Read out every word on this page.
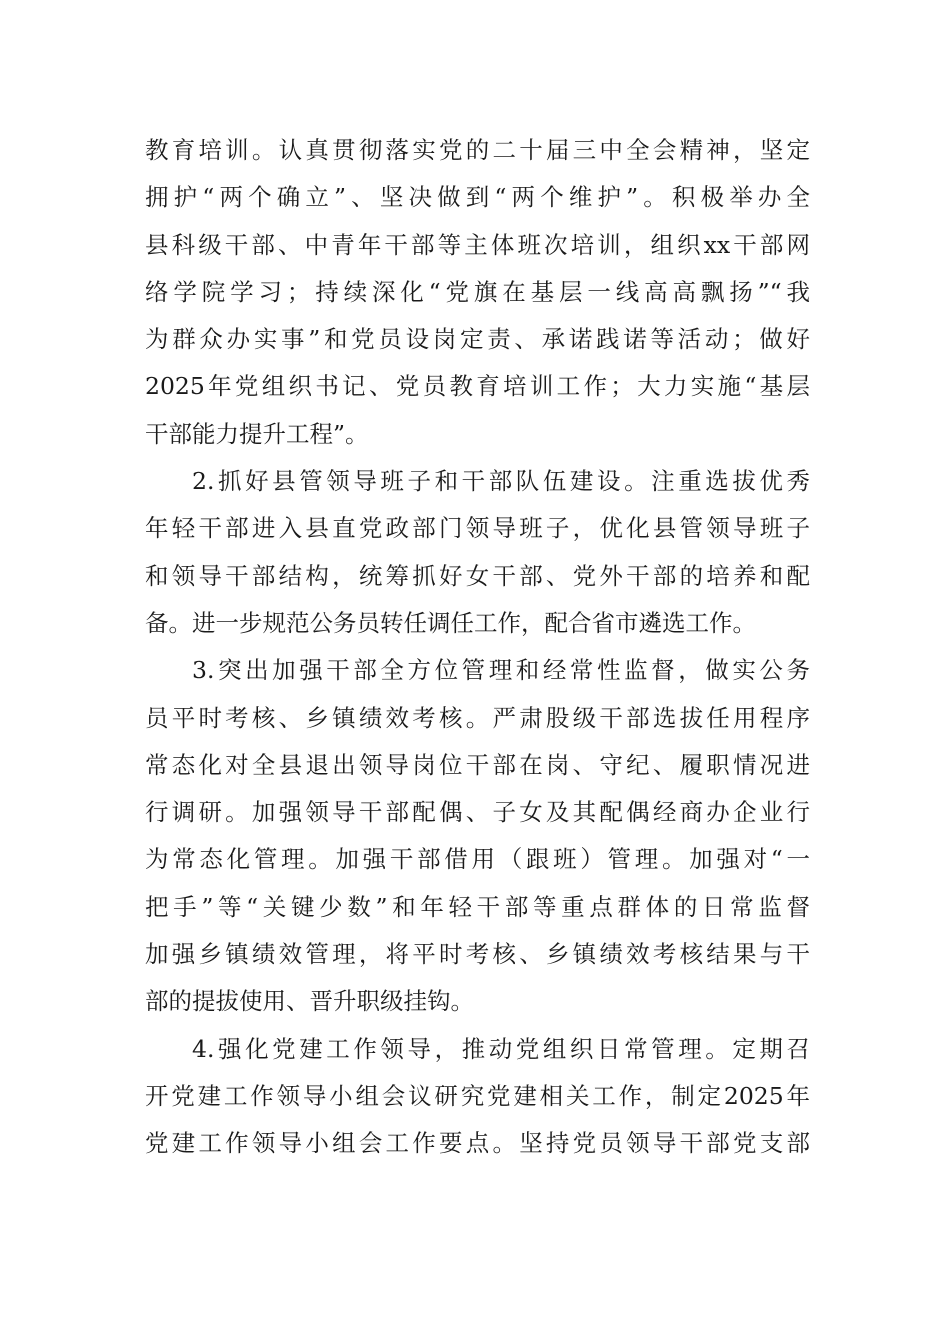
教育培训。认真贯彻落实党的二十届三中全会精神，坚定
拥护“两个确立”、坚决做到“两个维护”。积极举办全
县科级干部、中青年干部等主体班次培训，组织xx干部网
络学院学习；持续深化“党旗在基层一线高高飘扬”“我
为群众办实事”和党员设岗定责、承诺践诺等活动；做好
2025年党组织书记、党员教育培训工作；大力实施“基层
干部能力提升工程”。
2.抓好县管领导班子和干部队伍建设。注重选拔优秀
年轻干部进入县直党政部门领导班子，优化县管领导班子
和领导干部结构，统筹抓好女干部、党外干部的培养和配
备。进一步规范公务员转任调任工作，配合省市遴选工作。
3.突出加强干部全方位管理和经常性监督，做实公务
员平时考核、乡镇绩效考核。严肃股级干部选拔任用程序
常态化对全县退出领导岗位干部在岗、守纪、履职情况进
行调研。加强领导干部配偶、子女及其配偶经商办企业行
为常态化管理。加强干部借用（跟班）管理。加强对“一
把手”等“关键少数”和年轻干部等重点群体的日常监督
加强乡镇绩效管理，将平时考核、乡镇绩效考核结果与干
部的提拔使用、晋升职级挂钩。
4.强化党建工作领导，推动党组织日常管理。定期召
开党建工作领导小组会议研究党建相关工作，制定2025年
党建工作领导小组会工作要点。坚持党员领导干部党支部
